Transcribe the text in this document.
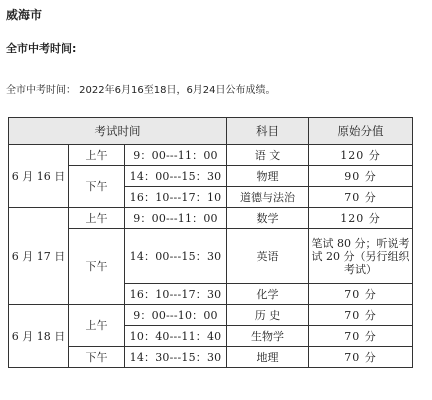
威海市
全市中考时间:
全市中考时间： 2022年6月16至18日，6月24日公布成绩。
考试时间			科目	原始分值
6 月 16 日	上午	9：00---11：00	语 文	120 分
	下午	14：00---15：30	物理	90 分
		16：10---17：10	道德与法治	70 分
6 月 17 日	上午	9：00---11：00	数学	120 分
	下午	14：00---15：30	英语	笔试 80 分；听说考试 20 分（另行组织考试）
		16：10---17：30	化学	70 分
6 月 18 日	上午	9：00---10：00	历 史	70 分
		10：40---11：40	生物学	70 分
	下午	14：30---15：30	地理	70 分
